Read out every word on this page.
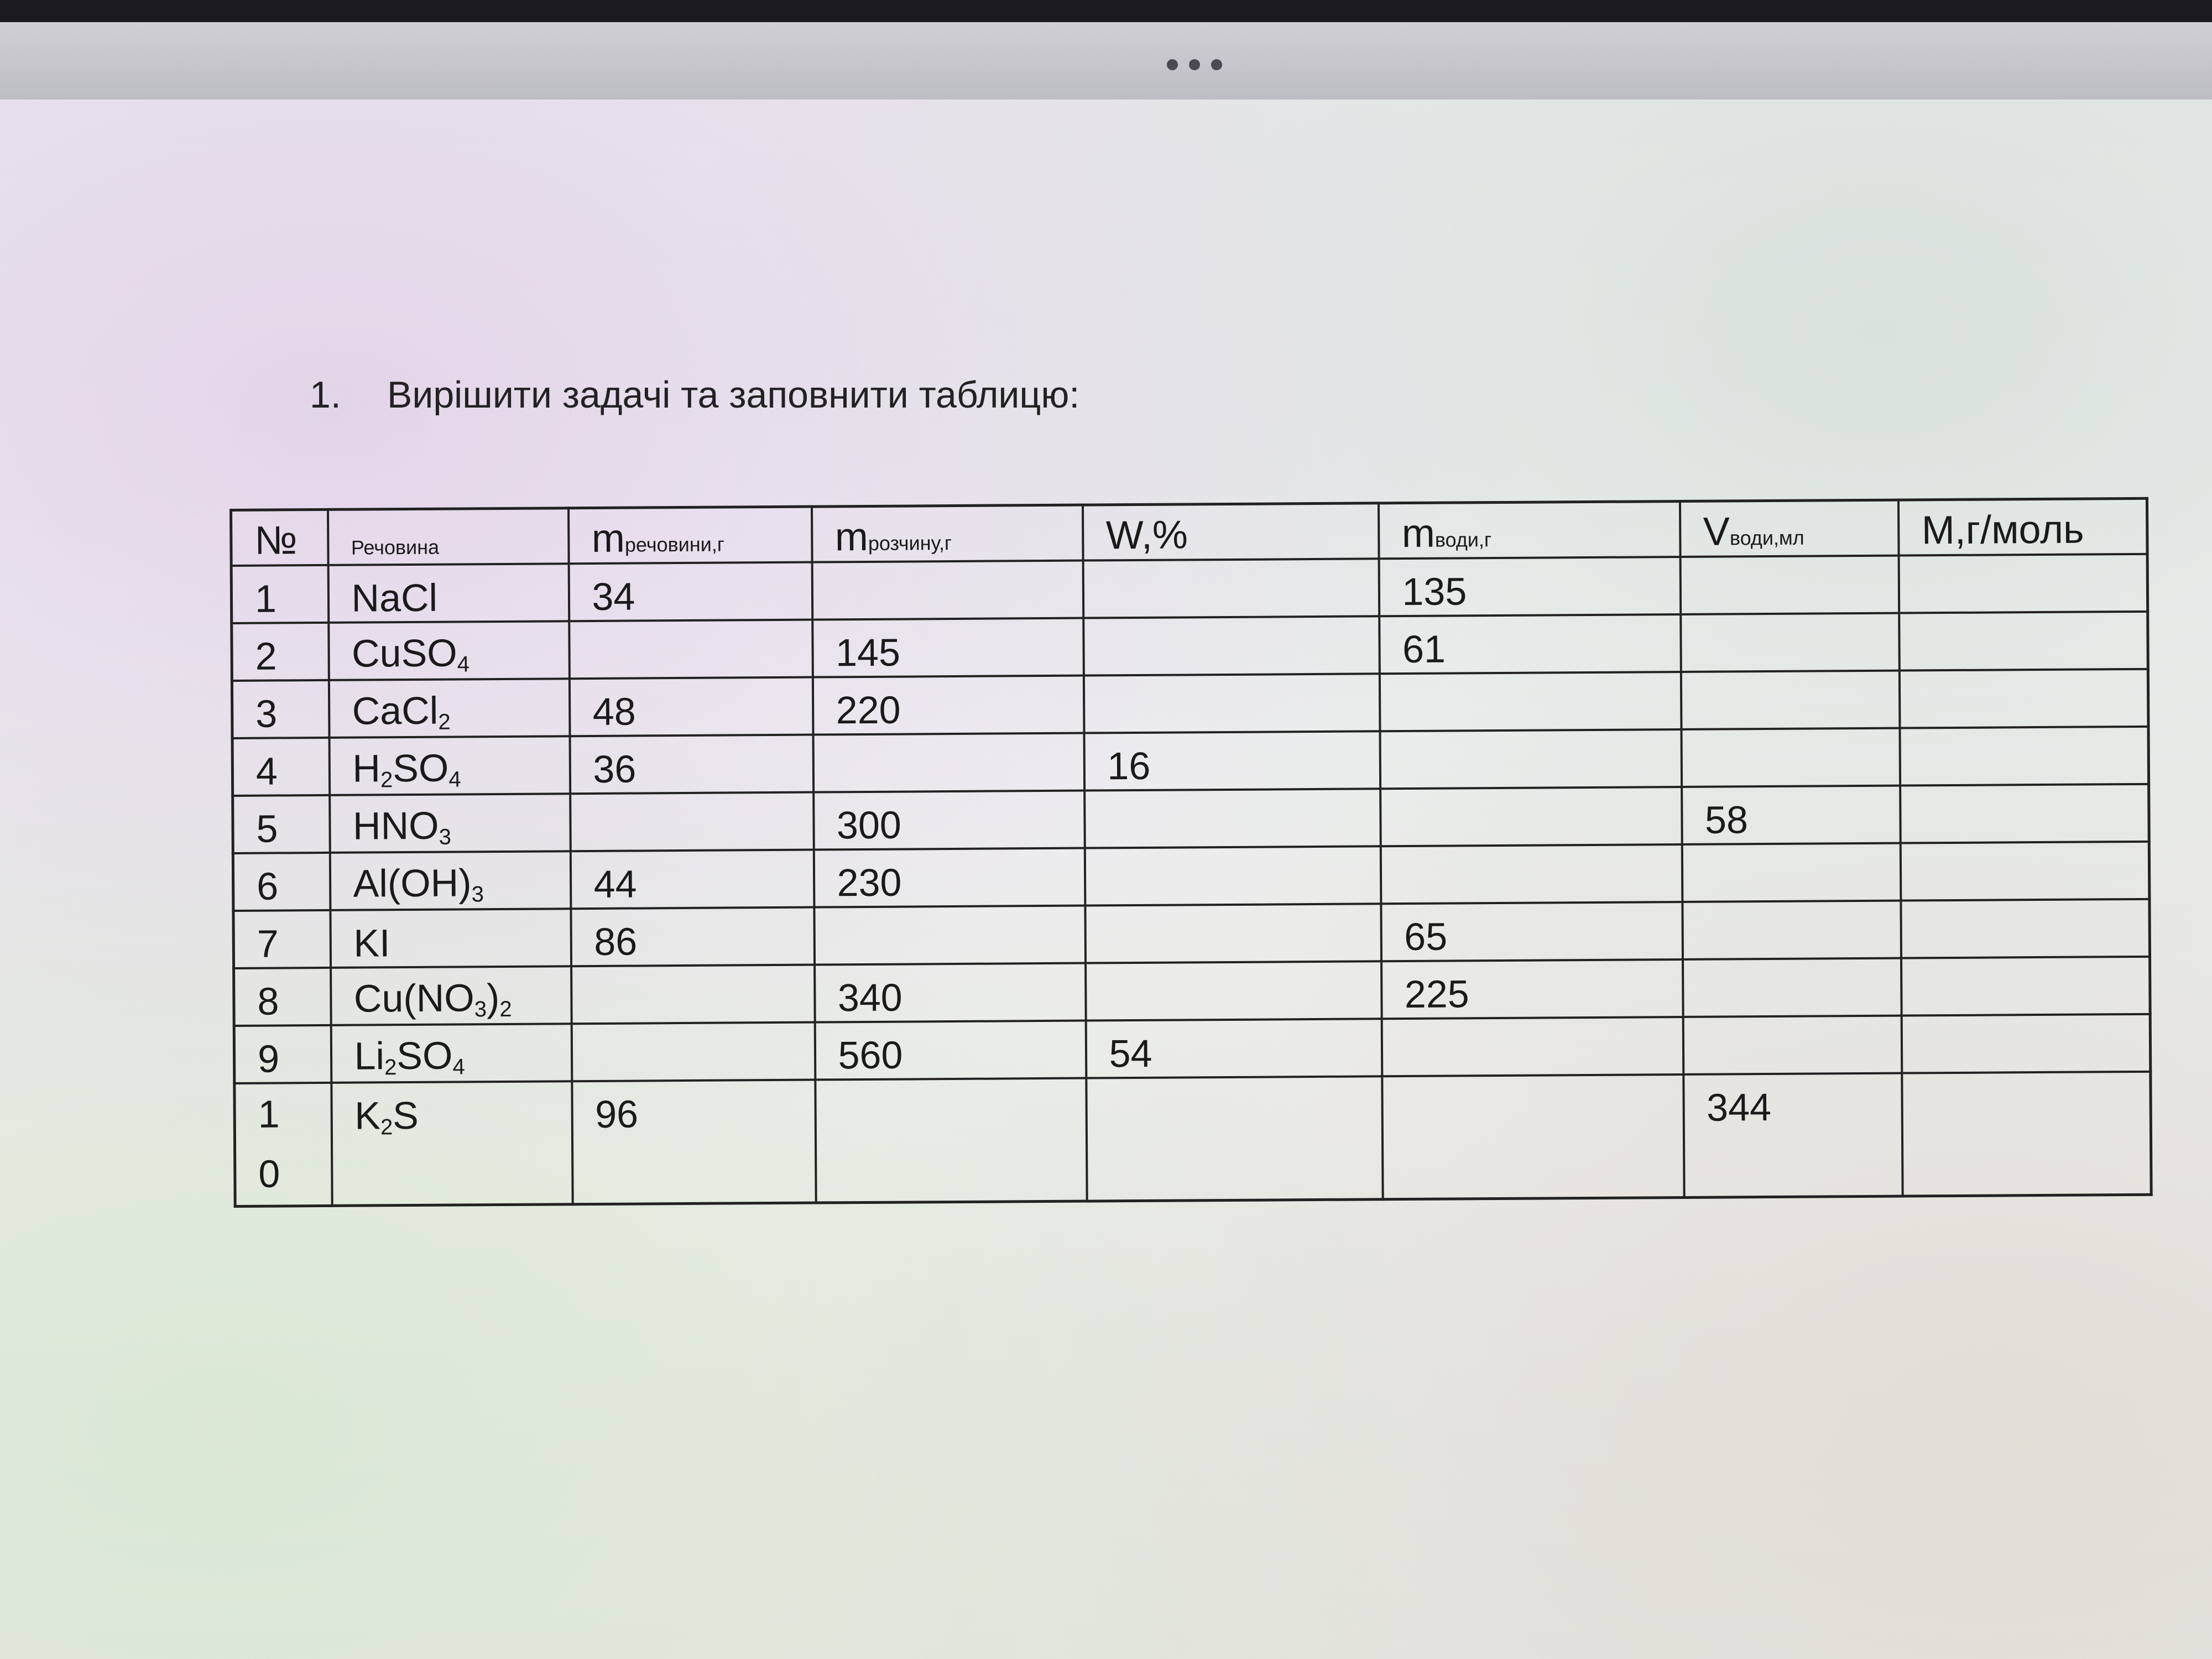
1. Вирішити задачі та заповнити таблицю:
№	Речовина	mречовини,г	mрозчину,г	W,%	mводи,г	Vводи,мл	M,г/моль
1	NaCl	34			135		
2	CuSO4		145		61		
3	CaCl2	48	220				
4	H2SO4	36		16			
5	HNO3		300			58	
6	Al(OH)3	44	230				
7	KI	86			65		
8	Cu(NO3)2		340		225		
9	Li2SO4		560	54			
1
0	K2S	96				344	
